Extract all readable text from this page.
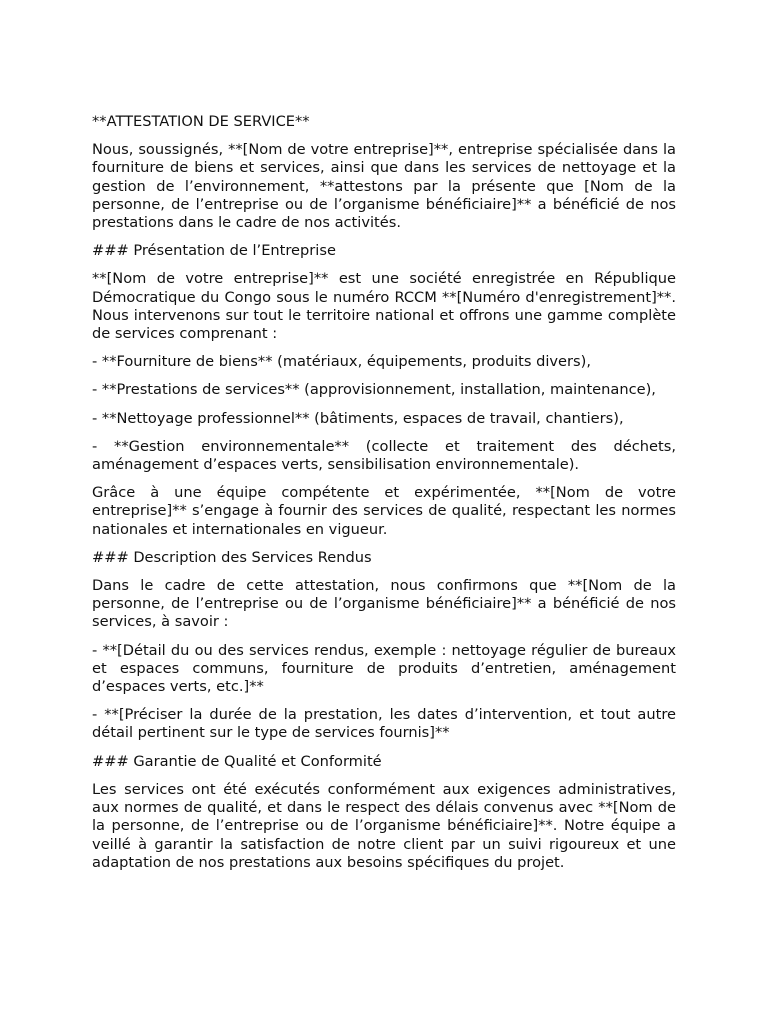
**ATTESTATION DE SERVICE**

Nous, soussignés, **[Nom de votre entreprise]**, entreprise spécialisée dans la fourniture de biens et services, ainsi que dans les services de nettoyage et la gestion de l’environnement, **attestons par la présente que [Nom de la personne, de l’entreprise ou de l’organisme bénéficiaire]** a bénéficié de nos prestations dans le cadre de nos activités.

### Présentation de l’Entreprise

**[Nom de votre entreprise]** est une société enregistrée en République Démocratique du Congo sous le numéro RCCM **[Numéro d'enregistrement]**. Nous intervenons sur tout le territoire national et offrons une gamme complète de services comprenant :

- **Fourniture de biens** (matériaux, équipements, produits divers),

- **Prestations de services** (approvisionnement, installation, maintenance),

- **Nettoyage professionnel** (bâtiments, espaces de travail, chantiers),

- **Gestion environnementale** (collecte et traitement des déchets, aménagement d’espaces verts, sensibilisation environnementale).

Grâce à une équipe compétente et expérimentée, **[Nom de votre entreprise]** s’engage à fournir des services de qualité, respectant les normes nationales et internationales en vigueur.

### Description des Services Rendus

Dans le cadre de cette attestation, nous confirmons que **[Nom de la personne, de l’entreprise ou de l’organisme bénéficiaire]** a bénéficié de nos services, à savoir :

- **[Détail du ou des services rendus, exemple : nettoyage régulier de bureaux et espaces communs, fourniture de produits d’entretien, aménagement d’espaces verts, etc.]**

- **[Préciser la durée de la prestation, les dates d’intervention, et tout autre détail pertinent sur le type de services fournis]**

### Garantie de Qualité et Conformité

Les services ont été exécutés conformément aux exigences administratives, aux normes de qualité, et dans le respect des délais convenus avec **[Nom de la personne, de l’entreprise ou de l’organisme bénéficiaire]**. Notre équipe a veillé à garantir la satisfaction de notre client par un suivi rigoureux et une adaptation de nos prestations aux besoins spécifiques du projet.
